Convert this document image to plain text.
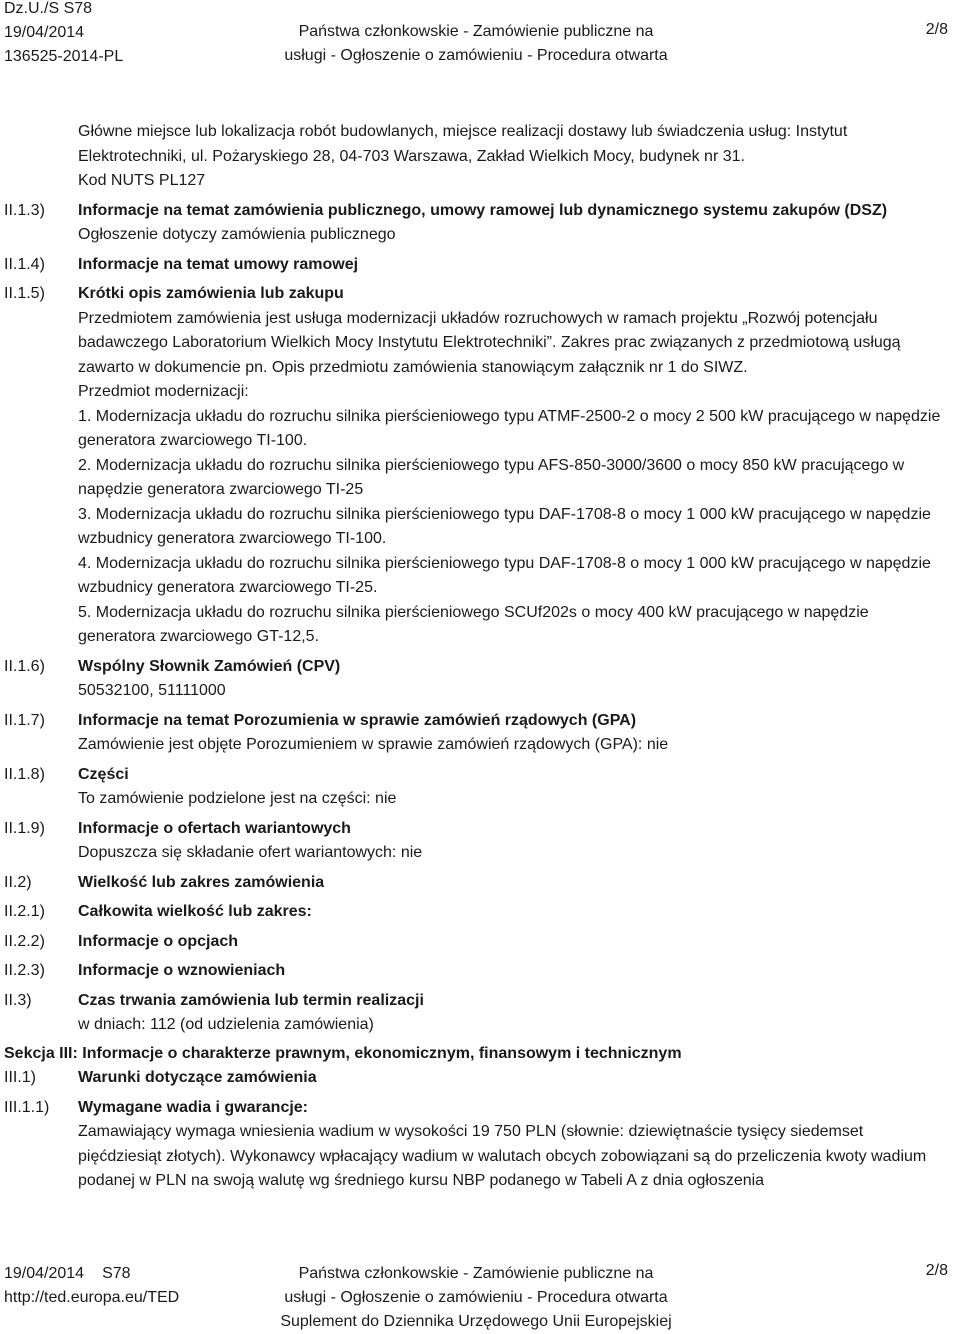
Dz.U./S S78
19/04/2014
136525-2014-PL
Państwa członkowskie - Zamówienie publiczne na
usługi - Ogłoszenie o zamówieniu - Procedura otwarta
2/8

Główne miejsce lub lokalizacja robót budowlanych, miejsce realizacji dostawy lub świadczenia usług: Instytut Elektrotechniki, ul. Pożaryskiego 28, 04-703 Warszawa, Zakład Wielkich Mocy, budynek nr 31.

Kod NUTS PL127

II.1.3) Informacje na temat zamówienia publicznego, umowy ramowej lub dynamicznego systemu zakupów (DSZ)

Ogłoszenie dotyczy zamówienia publicznego

II.1.4) Informacje na temat umowy ramowej

II.1.5) Krótki opis zamówienia lub zakupu

Przedmiotem zamówienia jest usługa modernizacji układów rozruchowych w ramach projektu „Rozwój potencjału badawczego Laboratorium Wielkich Mocy Instytutu Elektrotechniki”. Zakres prac związanych z przedmiotową usługą zawarto w dokumencie pn. Opis przedmiotu zamówienia stanowiącym załącznik nr 1 do SIWZ.

Przedmiot modernizacji:

1. Modernizacja układu do rozruchu silnika pierścieniowego typu ATMF-2500-2 o mocy 2 500 kW pracującego w napędzie generatora zwarciowego TI-100.

2. Modernizacja układu do rozruchu silnika pierścieniowego typu AFS-850-3000/3600 o mocy 850 kW pracującego w napędzie generatora zwarciowego TI-25

3. Modernizacja układu do rozruchu silnika pierścieniowego typu DAF-1708-8 o mocy 1 000 kW pracującego w napędzie wzbudnicy generatora zwarciowego TI-100.

4. Modernizacja układu do rozruchu silnika pierścieniowego typu DAF-1708-8 o mocy 1 000 kW pracującego w napędzie wzbudnicy generatora zwarciowego TI-25.

5. Modernizacja układu do rozruchu silnika pierścieniowego SCUf202s o mocy 400 kW pracującego w napędzie generatora zwarciowego GT-12,5.

II.1.6) Wspólny Słownik Zamówień (CPV)

50532100, 51111000

II.1.7) Informacje na temat Porozumienia w sprawie zamówień rządowych (GPA)

Zamówienie jest objęte Porozumieniem w sprawie zamówień rządowych (GPA): nie

II.1.8) Części

To zamówienie podzielone jest na części: nie

II.1.9) Informacje o ofertach wariantowych

Dopuszcza się składanie ofert wariantowych: nie

II.2)	Wielkość lub zakres zamówienia

II.2.1) Całkowita wielkość lub zakres:

II.2.2) Informacje o opcjach

II.2.3) Informacje o wznowieniach

II.3)	Czas trwania zamówienia lub termin realizacji

w dniach: 112 (od udzielenia zamówienia)

Sekcja III: Informacje o charakterze prawnym, ekonomicznym, finansowym i technicznym
III.1)	Warunki dotyczące zamówienia

III.1.1) Wymagane wadia i gwarancje:

Zamawiający wymaga wniesienia wadium w wysokości 19 750 PLN (słownie: dziewiętnaście tysięcy siedemset pięćdziesiąt złotych). Wykonawcy wpłacający wadium w walutach obcych zobowiązani są do przeliczenia kwoty wadium podanej w PLN na swoją walutę wg średniego kursu NBP podanego w Tabeli A z dnia ogłoszenia

19/04/2014 S78
http://ted.europa.eu/TED
Państwa członkowskie - Zamówienie publiczne na
usługi - Ogłoszenie o zamówieniu - Procedura otwarta
Suplement do Dziennika Urzędowego Unii Europejskiej
2/8
